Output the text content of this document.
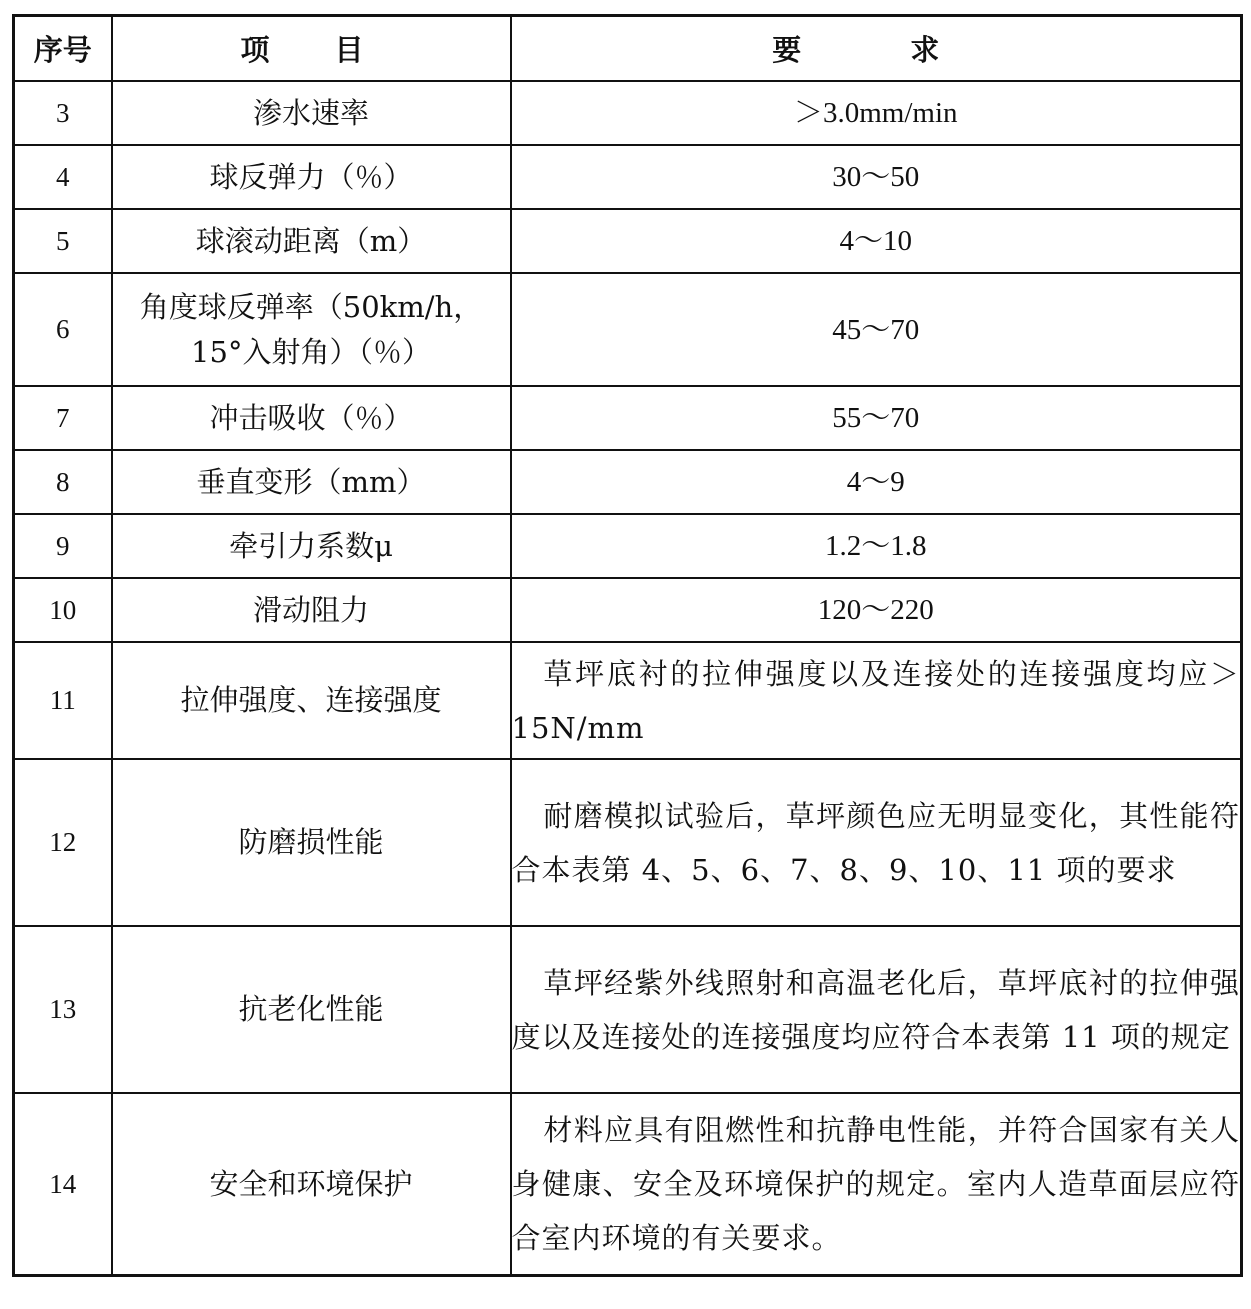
序号	项　目	要　求
3	渗水速率	＞3.0mm/min
4	球反弹力（％）	30～50
5	球滚动距离（m）	4～10
6	角度球反弹率（50km/h，15°入射角）（％）	45～70
7	冲击吸收（％）	55～70
8	垂直变形（mm）	4～9
9	牵引力系数μ	1.2～1.8
10	滑动阻力	120～220
11	拉伸强度、连接强度	草坪底衬的拉伸强度以及连接处的连接强度均应＞15N/mm

12	防磨损性能	耐磨模拟试验后，草坪颜色应无明显变化，其性能符合本表第 4、5、6、7、8、9、10、11 项的要求

13	抗老化性能	草坪经紫外线照射和高温老化后，草坪底衬的拉伸强度以及连接处的连接强度均应符合本表第 11 项的规定

14	安全和环境保护	材料应具有阻燃性和抗静电性能，并符合国家有关人身健康、安全及环境保护的规定。室内人造草面层应符合室内环境的有关要求。
